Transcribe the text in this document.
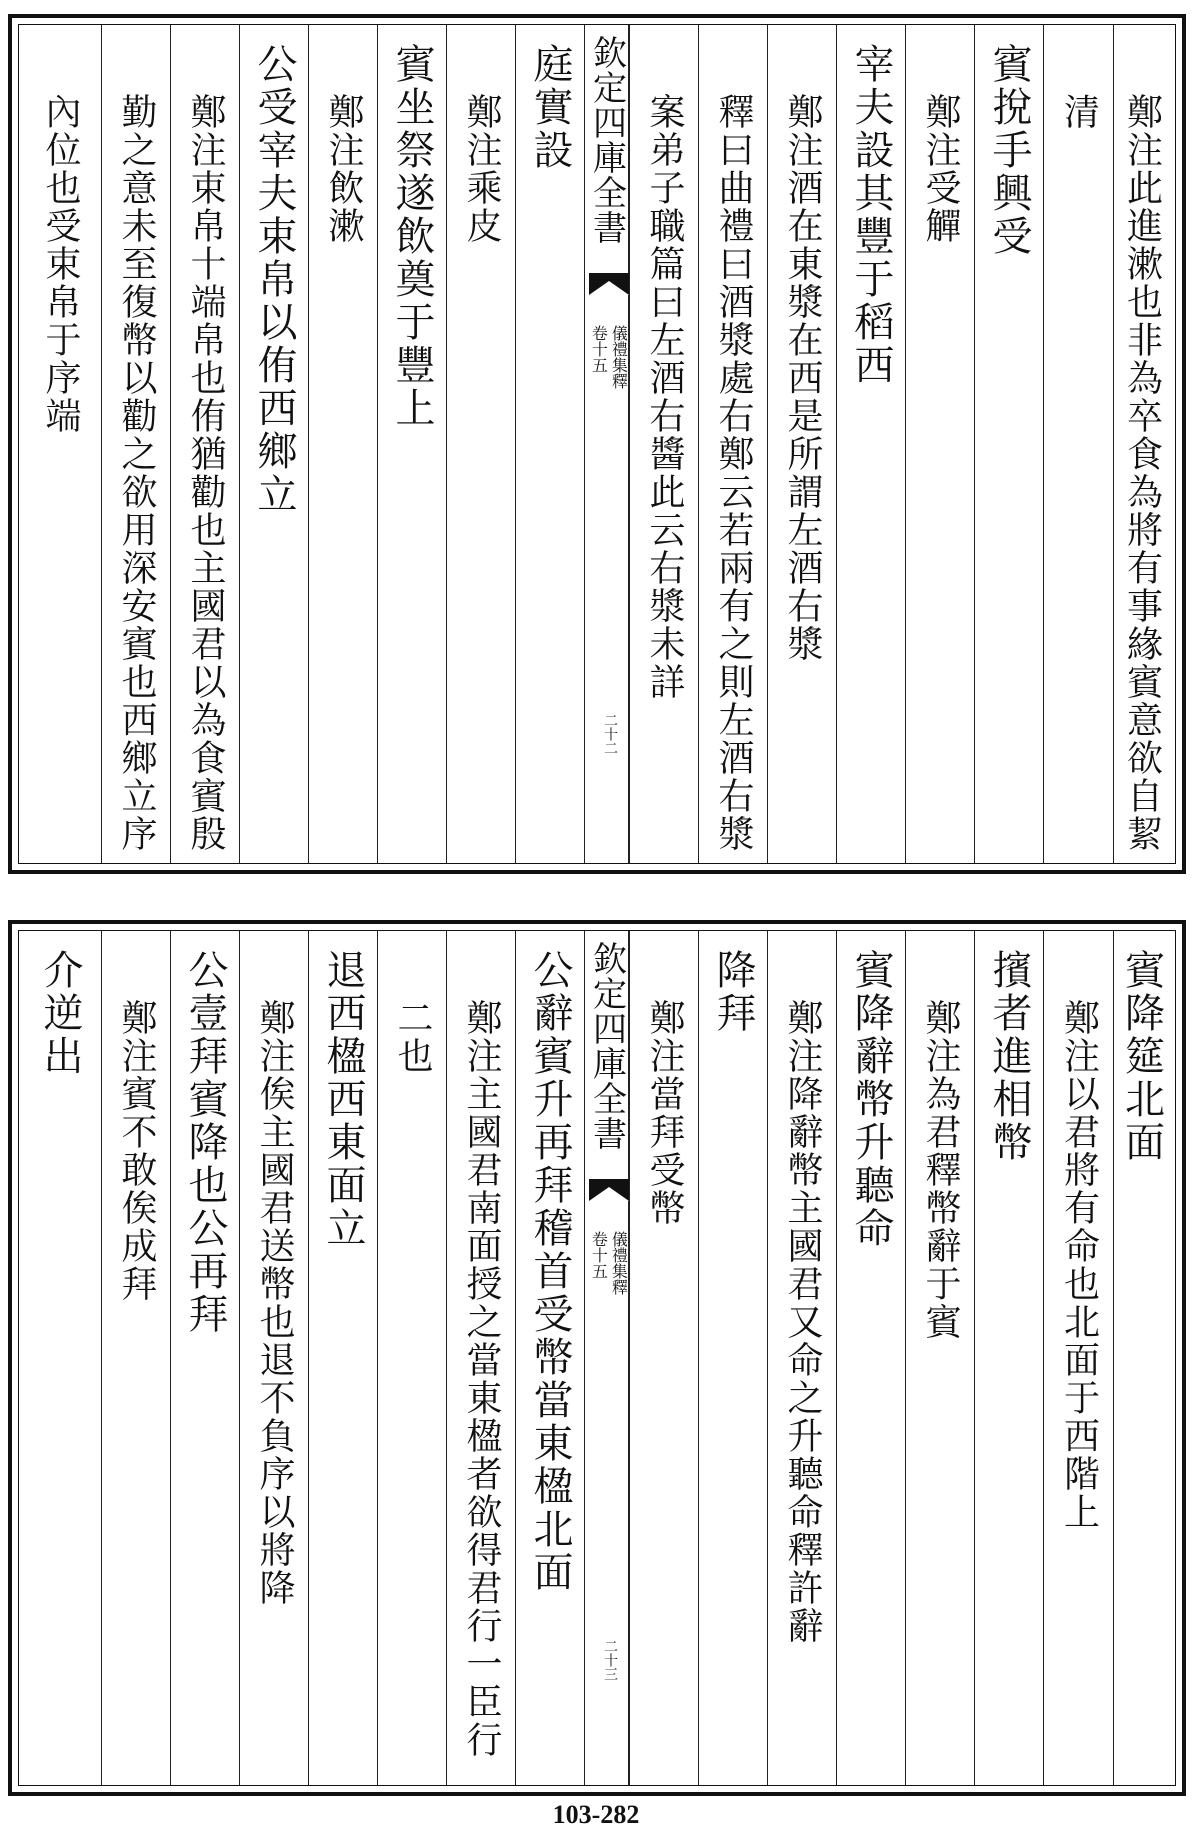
鄭注此進漱也非為卒食為將有事緣賓意欲自絜
清
賓挩手興受
鄭注受觶
宰夫設其豐于稻西
鄭注酒在東漿在西是所謂左酒右漿
釋曰曲禮曰酒漿處右鄭云若兩有之則左酒右漿
案弟子職篇曰左酒右醬此云右漿未詳
欽定四庫全書
儀禮集釋
卷十五
二十二
庭實設
鄭注乘皮
賓坐祭遂飲奠于豐上
鄭注飲漱
公受宰夫束帛以侑西鄉立
鄭注束帛十端帛也侑猶勸也主國君以為食賓殷
勤之意未至復幣以勸之欲用深安賓也西鄉立序
內位也受束帛于序端
賓降筵北面
鄭注以君將有命也北面于西階上
擯者進相幣
鄭注為君釋幣辭于賓
賓降辭幣升聽命
鄭注降辭幣主國君又命之升聽命釋許辭
降拜
鄭注當拜受幣
欽定四庫全書
儀禮集釋
卷十五
二十三
公辭賓升再拜稽首受幣當東楹北面
鄭注主國君南面授之當東楹者欲得君行一臣行
二也
退西楹西東面立
鄭注俟主國君送幣也退不負序以將降
公壹拜賓降也公再拜
鄭注賓不敢俟成拜
介逆出
103-282
